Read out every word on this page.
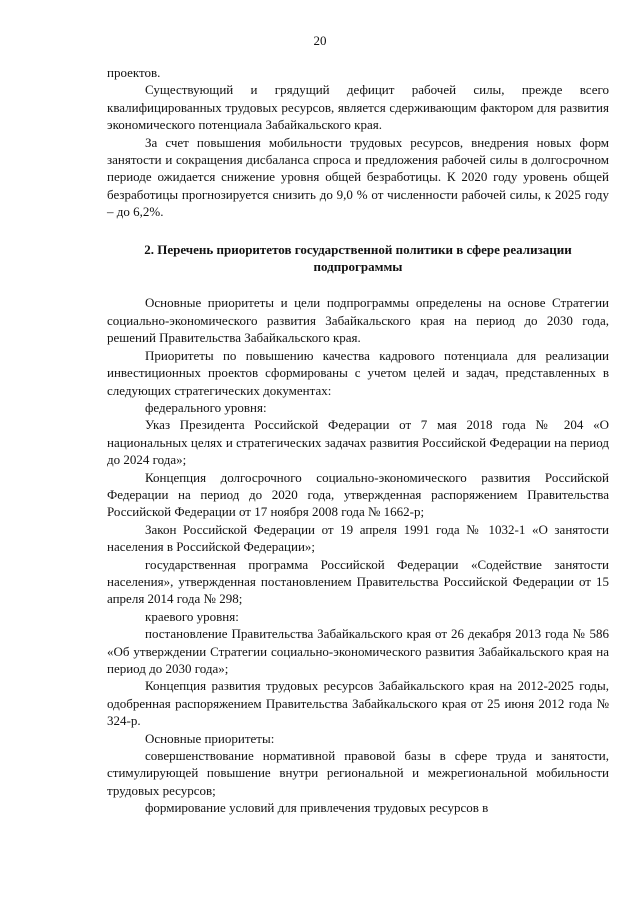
20

проектов.

Существующий и грядущий дефицит рабочей силы, прежде всего квалифицированных трудовых ресурсов, является сдерживающим фактором для развития экономического потенциала Забайкальского края.

За счет повышения мобильности трудовых ресурсов, внедрения новых форм занятости и сокращения дисбаланса спроса и предложения рабочей силы в долгосрочном периоде ожидается снижение уровня общей безработицы. К 2020 году уровень общей безработицы прогнозируется снизить до 9,0 % от численности рабочей силы, к 2025 году – до 6,2%.

2. Перечень приоритетов государственной политики в сфере реализации подпрограммы

Основные приоритеты и цели подпрограммы определены на основе Стратегии социально-экономического развития Забайкальского края на период до 2030 года, решений Правительства Забайкальского края.

Приоритеты по повышению качества кадрового потенциала для реализации инвестиционных проектов сформированы с учетом целей и задач, представленных в следующих стратегических документах:

федерального уровня:

Указ Президента Российской Федерации от 7 мая 2018 года № 204 «О национальных целях и стратегических задачах развития Российской Федерации на период до 2024 года»;

Концепция долгосрочного социально-экономического развития Российской Федерации на период до 2020 года, утвержденная распоряжением Правительства Российской Федерации от 17 ноября 2008 года № 1662-р;

Закон Российской Федерации от 19 апреля 1991 года № 1032-1 «О занятости населения в Российской Федерации»;

государственная программа Российской Федерации «Содействие занятости населения», утвержденная постановлением Правительства Российской Федерации от 15 апреля 2014 года № 298;

краевого уровня:

постановление Правительства Забайкальского края от 26 декабря 2013 года № 586 «Об утверждении Стратегии социально-экономического развития Забайкальского края на период до 2030 года»;

Концепция развития трудовых ресурсов Забайкальского края на 2012-2025 годы, одобренная распоряжением Правительства Забайкальского края от 25 июня 2012 года № 324-р.

Основные приоритеты:

совершенствование нормативной правовой базы в сфере труда и занятости, стимулирующей повышение внутри региональной и межрегиональной мобильности трудовых ресурсов;

формирование условий для привлечения трудовых ресурсов в
